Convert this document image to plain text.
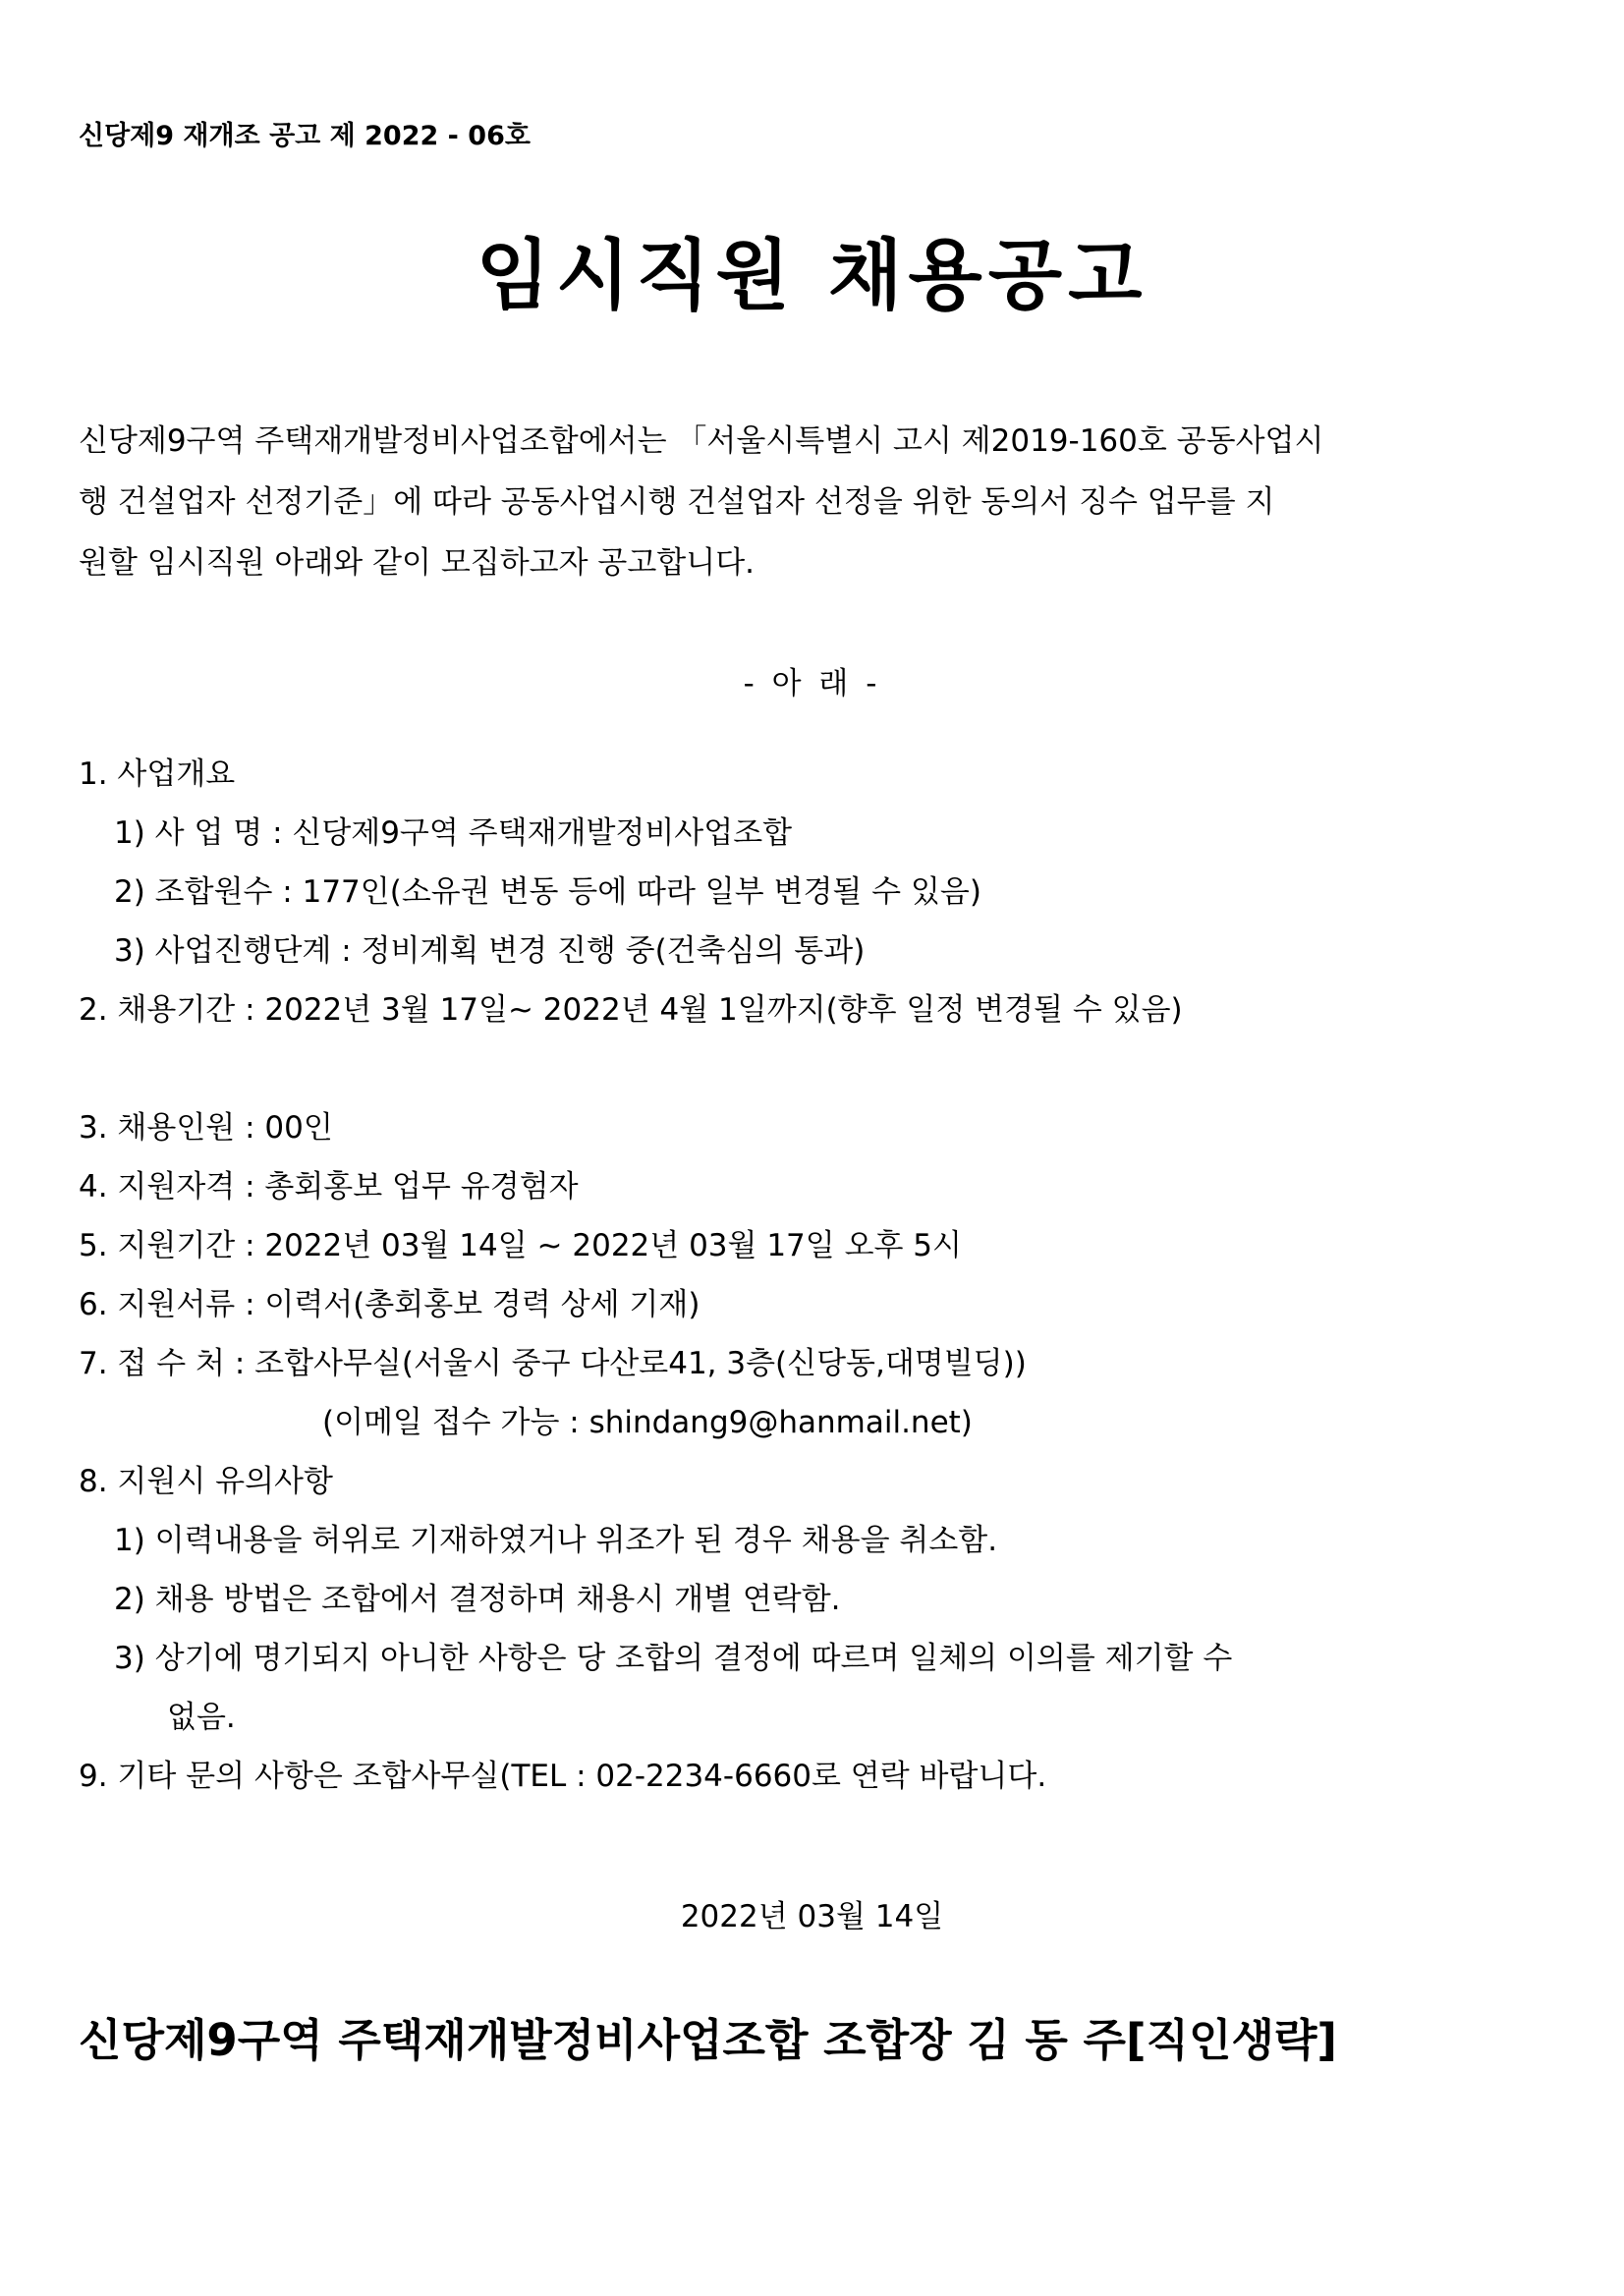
신당제9 재개조 공고 제 2022 - 06호
임시직원 채용공고
신당제9구역 주택재개발정비사업조합에서는 「서울시특별시 고시 제2019-160호 공동사업시
행 건설업자 선정기준」에 따라 공동사업시행 건설업자 선정을 위한 동의서 징수 업무를 지
원할 임시직원 아래와 같이 모집하고자 공고합니다.
- 아 래 -
1. 사업개요
1) 사 업 명 : 신당제9구역 주택재개발정비사업조합
2) 조합원수 : 177인(소유권 변동 등에 따라 일부 변경될 수 있음)
3) 사업진행단계 : 정비계획 변경 진행 중(건축심의 통과)
2. 채용기간 : 2022년 3월 17일~ 2022년 4월 1일까지(향후 일정 변경될 수 있음)
3. 채용인원 : 00인
4. 지원자격 : 총회홍보 업무 유경험자
5. 지원기간 : 2022년 03월 14일 ~ 2022년 03월 17일 오후 5시
6. 지원서류 : 이력서(총회홍보 경력 상세 기재)
7. 접 수 처 : 조합사무실(서울시 중구 다산로41, 3층(신당동,대명빌딩))
(이메일 접수 가능 : shindang9@hanmail.net)
8. 지원시 유의사항
1) 이력내용을 허위로 기재하였거나 위조가 된 경우 채용을 취소함.
2) 채용 방법은 조합에서 결정하며 채용시 개별 연락함.
3) 상기에 명기되지 아니한 사항은 당 조합의 결정에 따르며 일체의 이의를 제기할 수
없음.
9. 기타 문의 사항은 조합사무실(TEL : 02-2234-6660로 연락 바랍니다.
2022년 03월 14일
신당제9구역 주택재개발정비사업조합 조합장 김 동 주[직인생략]
